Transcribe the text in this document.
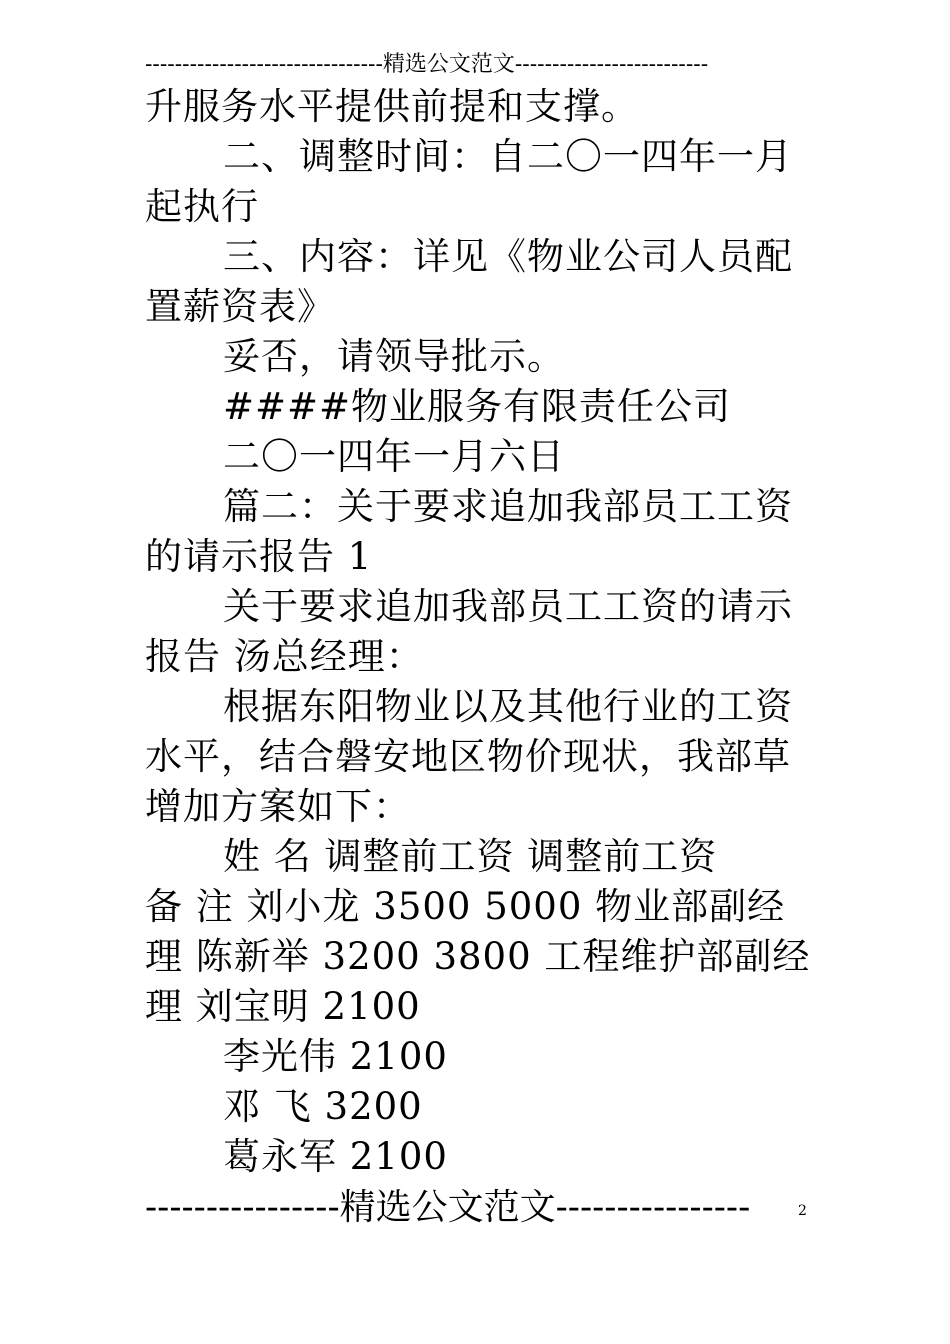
--------------------------------精选公文范文--------------------------
升服务水平提供前提和支撑。
二、调整时间：自二〇一四年一月
起执行
三、内容：详见《物业公司人员配
置薪资表》
妥否，请领导批示。
####物业服务有限责任公司
二〇一四年一月六日
篇二：关于要求追加我部员工工资
的请示报告 1
关于要求追加我部员工工资的请示
报告 汤总经理：
根据东阳物业以及其他行业的工资
水平，结合磐安地区物价现状，我部草
增加方案如下：
姓 名 调整前工资 调整前工资
备 注 刘小龙 3500 5000 物业部副经
理 陈新举 3200 3800 工程维护部副经
理 刘宝明 2100
李光伟 2100
邓 飞 3200
葛永军 2100
----------------精选公文范文----------------	2
